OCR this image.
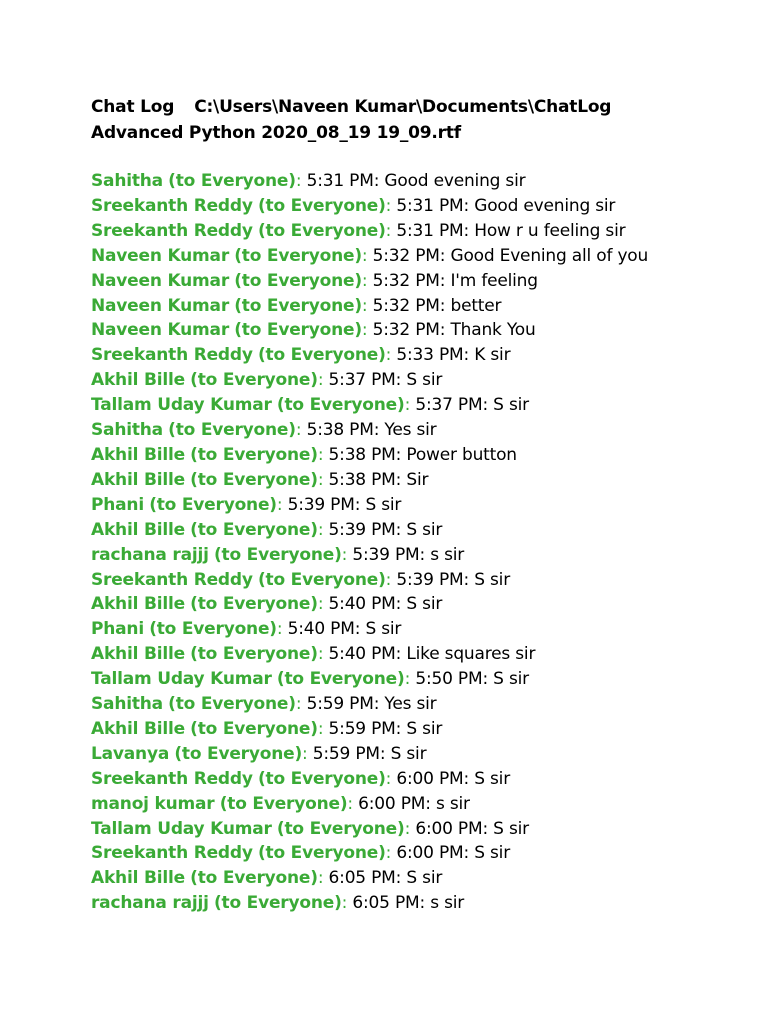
Chat Log C:\Users\Naveen Kumar\Documents\ChatLog Advanced Python 2020_08_19 19_09.rtf

Sahitha (to Everyone): 5:31 PM: Good evening sir
Sreekanth Reddy (to Everyone): 5:31 PM: Good evening sir
Sreekanth Reddy (to Everyone): 5:31 PM: How r u feeling sir
Naveen Kumar (to Everyone): 5:32 PM: Good Evening all of you
Naveen Kumar (to Everyone): 5:32 PM: I'm feeling
Naveen Kumar (to Everyone): 5:32 PM: better
Naveen Kumar (to Everyone): 5:32 PM: Thank You
Sreekanth Reddy (to Everyone): 5:33 PM: K sir
Akhil Bille (to Everyone): 5:37 PM: S sir
Tallam Uday Kumar (to Everyone): 5:37 PM: S sir
Sahitha (to Everyone): 5:38 PM: Yes sir
Akhil Bille (to Everyone): 5:38 PM: Power button
Akhil Bille (to Everyone): 5:38 PM: Sir
Phani (to Everyone): 5:39 PM: S sir
Akhil Bille (to Everyone): 5:39 PM: S sir
rachana rajjj (to Everyone): 5:39 PM: s sir
Sreekanth Reddy (to Everyone): 5:39 PM: S sir
Akhil Bille (to Everyone): 5:40 PM: S sir
Phani (to Everyone): 5:40 PM: S sir
Akhil Bille (to Everyone): 5:40 PM: Like squares sir
Tallam Uday Kumar (to Everyone): 5:50 PM: S sir
Sahitha (to Everyone): 5:59 PM: Yes sir
Akhil Bille (to Everyone): 5:59 PM: S sir
Lavanya (to Everyone): 5:59 PM: S sir
Sreekanth Reddy (to Everyone): 6:00 PM: S sir
manoj kumar (to Everyone): 6:00 PM: s sir
Tallam Uday Kumar (to Everyone): 6:00 PM: S sir
Sreekanth Reddy (to Everyone): 6:00 PM: S sir
Akhil Bille (to Everyone): 6:05 PM: S sir
rachana rajjj (to Everyone): 6:05 PM: s sir
